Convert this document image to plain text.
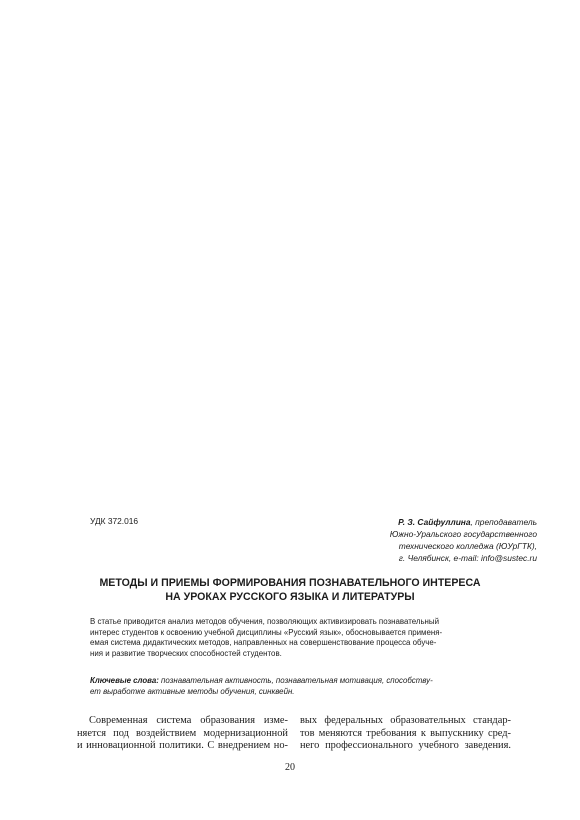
УДК 372.016	Р. З. Сайфуллина, преподаватель
Южно-Уральского государственного
технического колледжа (ЮУрГТК),
г. Челябинск, e-mail: info@sustec.ru
МЕТОДЫ И ПРИЕМЫ ФОРМИРОВАНИЯ ПОЗНАВАТЕЛЬНОГО ИНТЕРЕСА
НА УРОКАХ РУССКОГО ЯЗЫКА И ЛИТЕРАТУРЫ
В статье приводится анализ методов обучения, позволяющих активизировать познавательный
интерес студентов к освоению учебной дисциплины «Русский язык», обосновывается применя-
емая система дидактических методов, направленных на совершенствование процесса обуче-
ния и развитие творческих способностей студентов.
Ключевые слова: познавательная активность, познавательная мотивация, способству-
ет выработке активные методы обучения, синквейн.
Современная система образования изме-
няется под воздействием модернизационной
и инновационной политики. С внедрением но-
вых федеральных образовательных стандар-
тов меняются требования к выпускнику сред-
него профессионального учебного заведения.
20
